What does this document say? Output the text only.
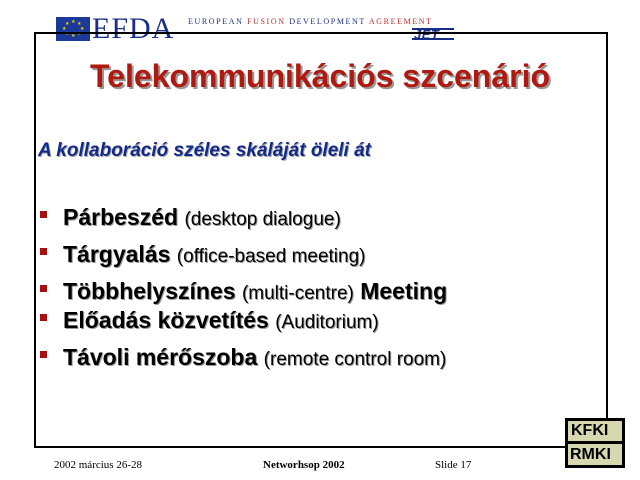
★ ★
★
★
★
★
★
★ EFDA EUROPEAN FUSION DEVELOPMENT AGREEMENT
JET
Telekommunikációs szcenárió
A kollaboráció széles skáláját öleli át
Párbeszéd (desktop dialogue)
Tárgyalás (office-based meeting)
Többhelyszínes (multi-centre) Meeting
Előadás közvetítés (Auditorium)
Távoli mérőszoba (remote control room)
KFKI
RMKI
2002 március 26-28	Networhsop 2002	Slide 17
